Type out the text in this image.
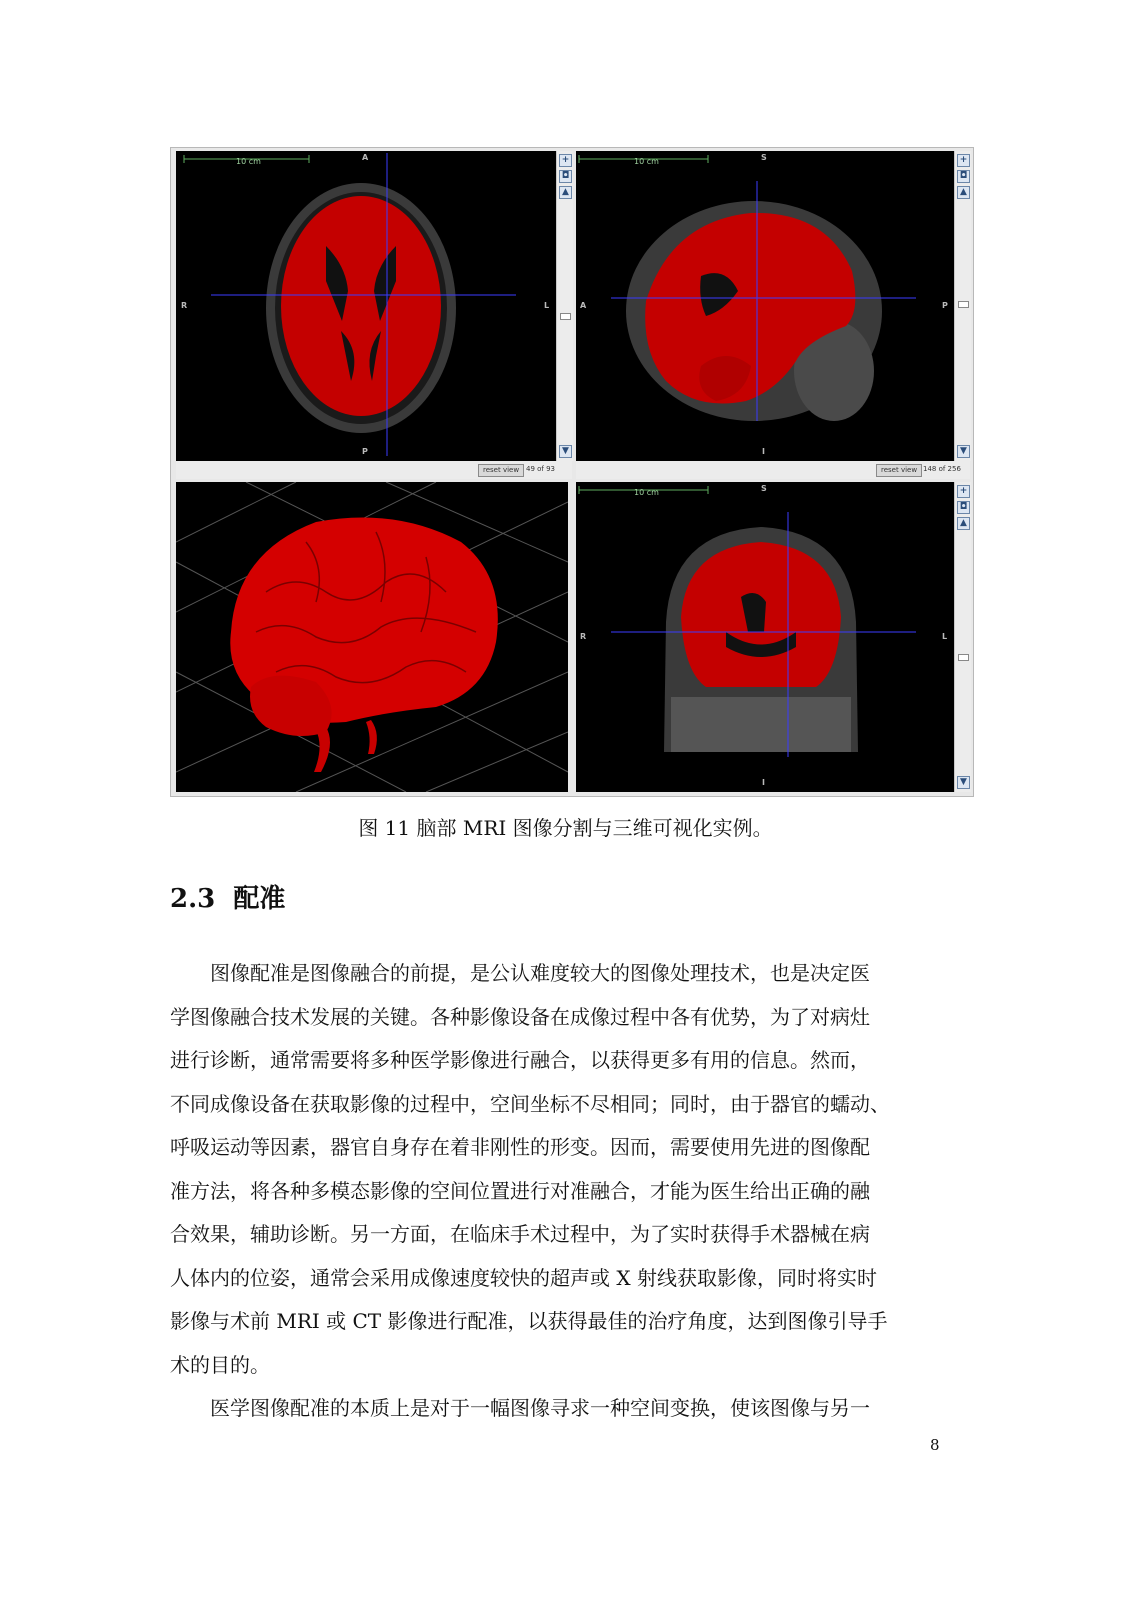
10 cm	A
P
R	L
+
◘
▲
▼
reset view 49 of 93
10 cm	S
I
A	P
+
◘
▲
▼
reset view 148 of 256
10 cm	S
I
R	L
+
◘
▲
▼
图 11 脑部 MRI 图像分割与三维可视化实例。
2.3 配准
　　图像配准是图像融合的前提，是公认难度较大的图像处理技术，也是决定医
学图像融合技术发展的关键。各种影像设备在成像过程中各有优势，为了对病灶
进行诊断，通常需要将多种医学影像进行融合，以获得更多有用的信息。然而，
不同成像设备在获取影像的过程中，空间坐标不尽相同；同时，由于器官的蠕动、
呼吸运动等因素，器官自身存在着非刚性的形变。因而，需要使用先进的图像配
准方法，将各种多模态影像的空间位置进行对准融合，才能为医生给出正确的融
合效果，辅助诊断。另一方面，在临床手术过程中，为了实时获得手术器械在病
人体内的位姿，通常会采用成像速度较快的超声或 X 射线获取影像，同时将实时
影像与术前 MRI 或 CT 影像进行配准，以获得最佳的治疗角度，达到图像引导手
术的目的。
　　医学图像配准的本质上是对于一幅图像寻求一种空间变换，使该图像与另一
8
